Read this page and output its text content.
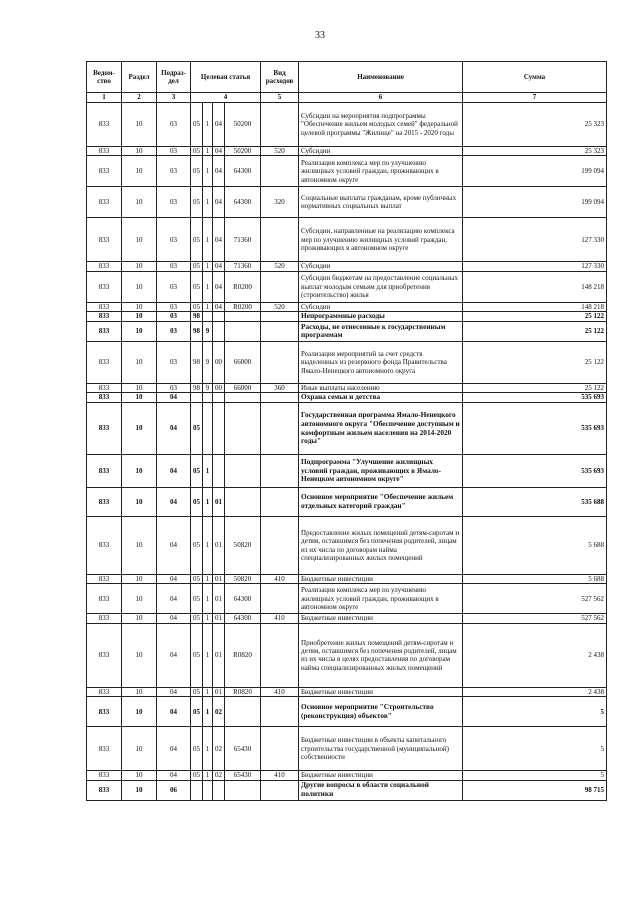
33
Ведом-ство	Раздел	Подраз-дел	Целевая статья				Вид расходов	Наименование	Сумма
1	2	3	4				5	6	7
833	10	03	05	1	04	50200		Субсидии на мероприятия подпрограммы "Обеспечение жильем молодых семей" федеральной целевой программы "Жилище" на 2015 - 2020 годы	25 323
833	10	03	05	1	04	50200	520	Субсидии	25 323
833	10	03	05	1	04	64300		Реализация комплекса мер по улучшению жилищных условий граждан, проживающих в автономном округе	199 094
833	10	03	05	1	04	64300	320	Социальные выплаты гражданам, кроме публичных нормативных социальных выплат	199 094
833	10	03	05	1	04	71360		Субсидии, направленные на реализацию комплекса мер по улучшению жилищных условий граждан, проживающих в автономном округе	127 330
833	10	03	05	1	04	71360	520	Субсидии	127 330
833	10	03	05	1	04	R0200		Субсидии бюджетам на предоставление социальных выплат молодым семьям для приобретения (строительство) жилья	148 218
833	10	03	05	1	04	R0200	520	Субсидии	148 218
833	10	03	98					Непрограммные расходы	25 122
833	10	03	98	9				Расходы, не отнесенные к государственным программам	25 122
833	10	03	98	9	00	66000		Реализация мероприятий за счет средств выделенных из резервного фонда Правительства Ямало-Ненецкого автономного округа	25 122
833	10	03	98	9	00	66000	360	Иные выплаты населению	25 122
833	10	04						Охрана семьи и детства	535 693
833	10	04	05					Государственная программа Ямало-Ненецкого автономного округа "Обеспечение доступным и комфортным жильем населения на 2014-2020 годы"	535 693
833	10	04	05	1				Подпрограмма "Улучшение жилищных условий граждан, проживающих в Ямало-Ненецком автономном округе"	535 693
833	10	04	05	1	01			Основное мероприятие "Обеспечение жильем отдельных категорий граждан"	535 688
833	10	04	05	1	01	50820		Предоставление жилых помещений детям-сиротам и детям, оставшимся без попечения родителей, лицам из их числа по договорам найма специализированных жилых помещений	5 688
833	10	04	05	1	01	50820	410	Бюджетные инвестиции	5 688
833	10	04	05	1	01	64300		Реализация комплекса мер по улучшению жилищных условий граждан, проживающих в автономном округе	527 562
833	10	04	05	1	01	64300	410	Бюджетные инвестиции	527 562
833	10	04	05	1	01	R0820		Приобретение жилых помещений детям-сиротам и детям, оставшимся без попечения родителей, лицам из их числа в целях предоставления по договорам найма специализированных жилых помещений	2 438
833	10	04	05	1	01	R0820	410	Бюджетные инвестиции	2 438
833	10	04	05	1	02			Основное мероприятие "Строительство (реконструкция) объектов"	5
833	10	04	05	1	02	65430		Бюджетные инвестиции в объекты капитального строительства государственной (муниципальной) собственности	5
833	10	04	05	1	02	65430	410	Бюджетные инвестиции	5
833	10	06						Другие вопросы в области социальной политики	98 715
